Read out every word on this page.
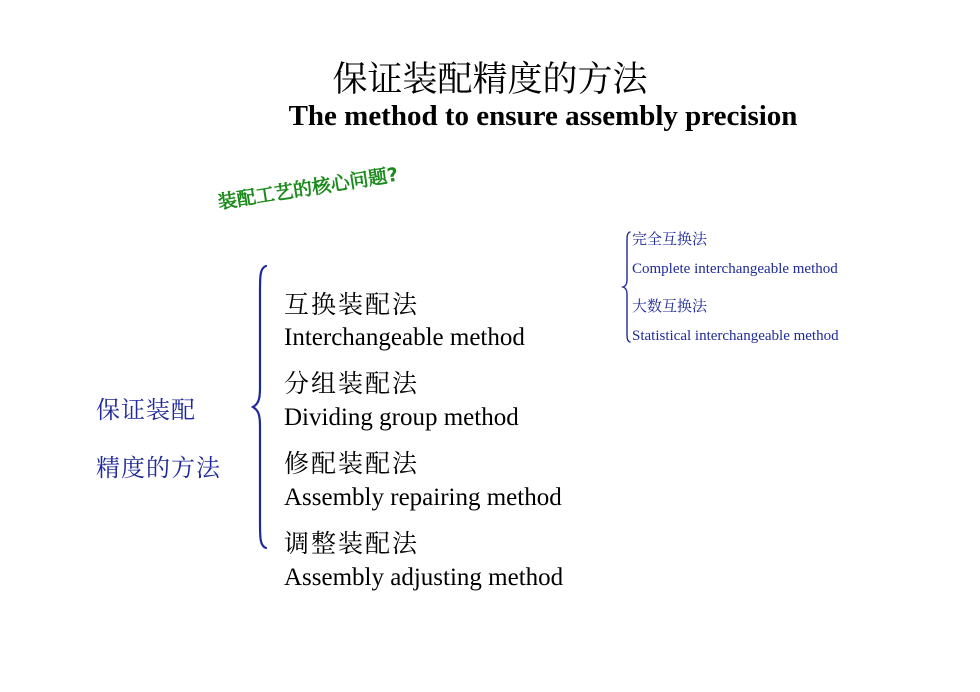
保证装配精度的方法
The method to ensure assembly precision
装配工艺的核心问题?
保证装配
精度的方法
互换装配法
Interchangeable method
分组装配法
Dividing group method
修配装配法
Assembly repairing method
调整装配法
Assembly adjusting method
完全互换法
Complete interchangeable method
大数互换法
Statistical interchangeable method
